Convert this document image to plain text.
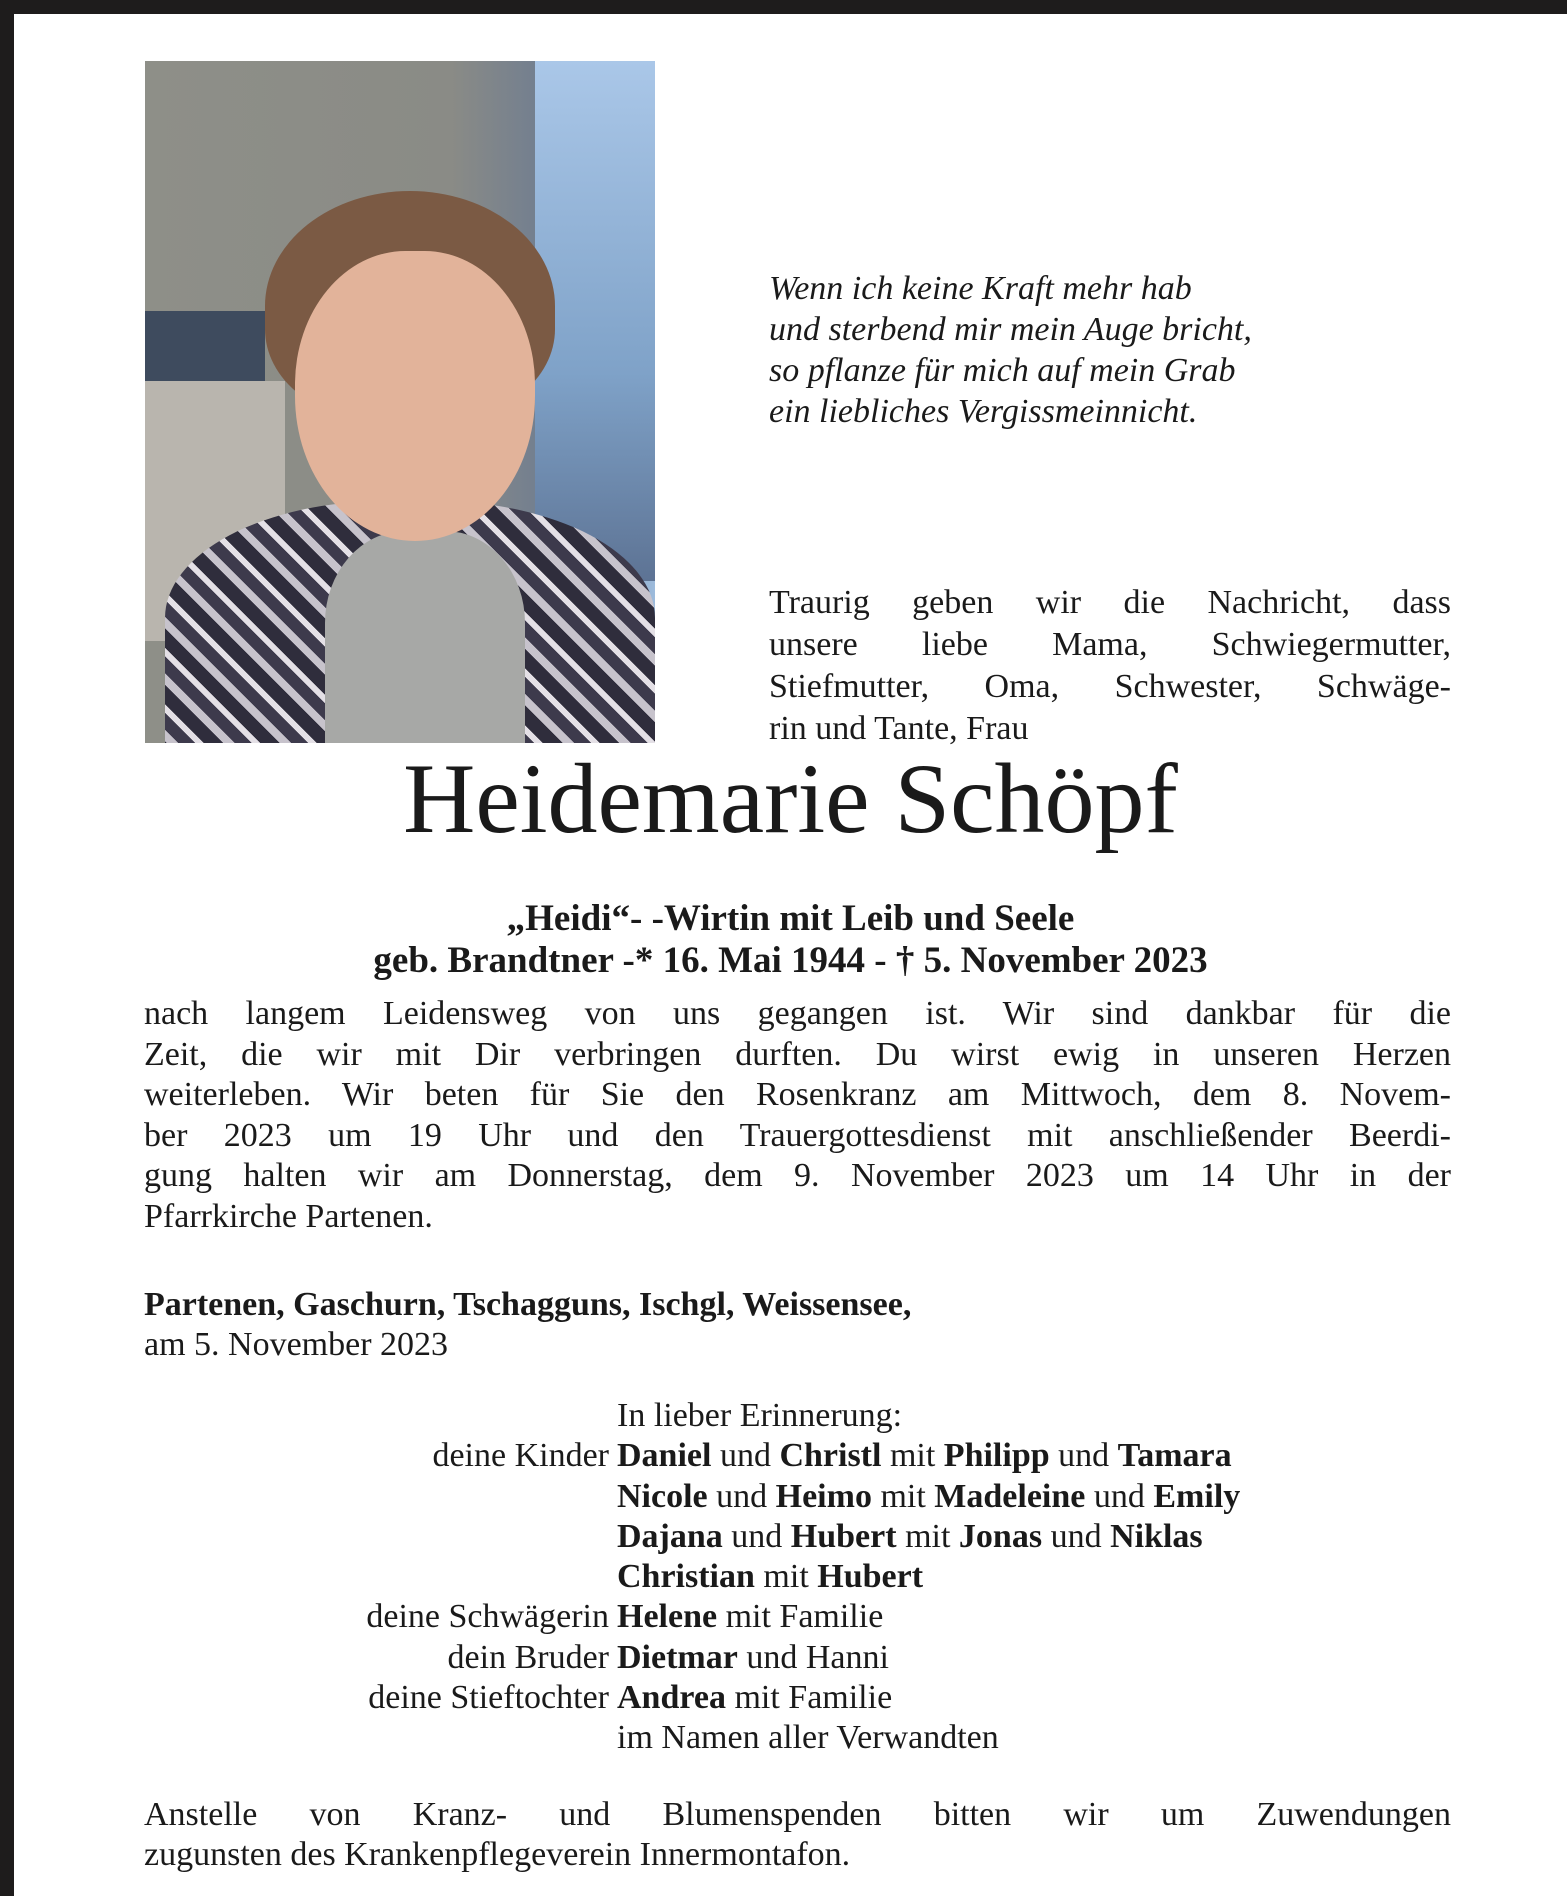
Wenn ich keine Kraft mehr hab
und sterbend mir mein Auge bricht,
so pflanze für mich auf mein Grab
ein liebliches Vergissmeinnicht.
Traurig geben wir die Nachricht, dass
unsere liebe Mama, Schwiegermutter,
Stiefmutter, Oma, Schwester, Schwäge-
rin und Tante, Frau
Heidemarie Schöpf
„Heidi“- -Wirtin mit Leib und Seele
geb. Brandtner -* 16. Mai 1944 - † 5. November 2023
nach langem Leidensweg von uns gegangen ist. Wir sind dankbar für die
Zeit, die wir mit Dir verbringen durften. Du wirst ewig in unseren Herzen
weiterleben. Wir beten für Sie den Rosenkranz am Mittwoch, dem 8. Novem-
ber 2023 um 19 Uhr und den Trauergottesdienst mit anschließender Beerdi-
gung halten wir am Donnerstag, dem 9. November 2023 um 14 Uhr in der
Pfarrkirche Partenen.
Partenen, Gaschurn, Tschagguns, Ischgl, Weissensee,
am 5. November 2023
In lieber Erinnerung:
deine Kinder Daniel und Christl mit Philipp und Tamara
Nicole und Heimo mit Madeleine und Emily
Dajana und Hubert mit Jonas und Niklas
Christian mit Hubert
deine Schwägerin Helene mit Familie
dein Bruder Dietmar und Hanni
deine Stieftochter Andrea mit Familie
im Namen aller Verwandten
Anstelle von Kranz- und Blumenspenden bitten wir um Zuwendungen
zugunsten des Krankenpflegeverein Innermontafon.
